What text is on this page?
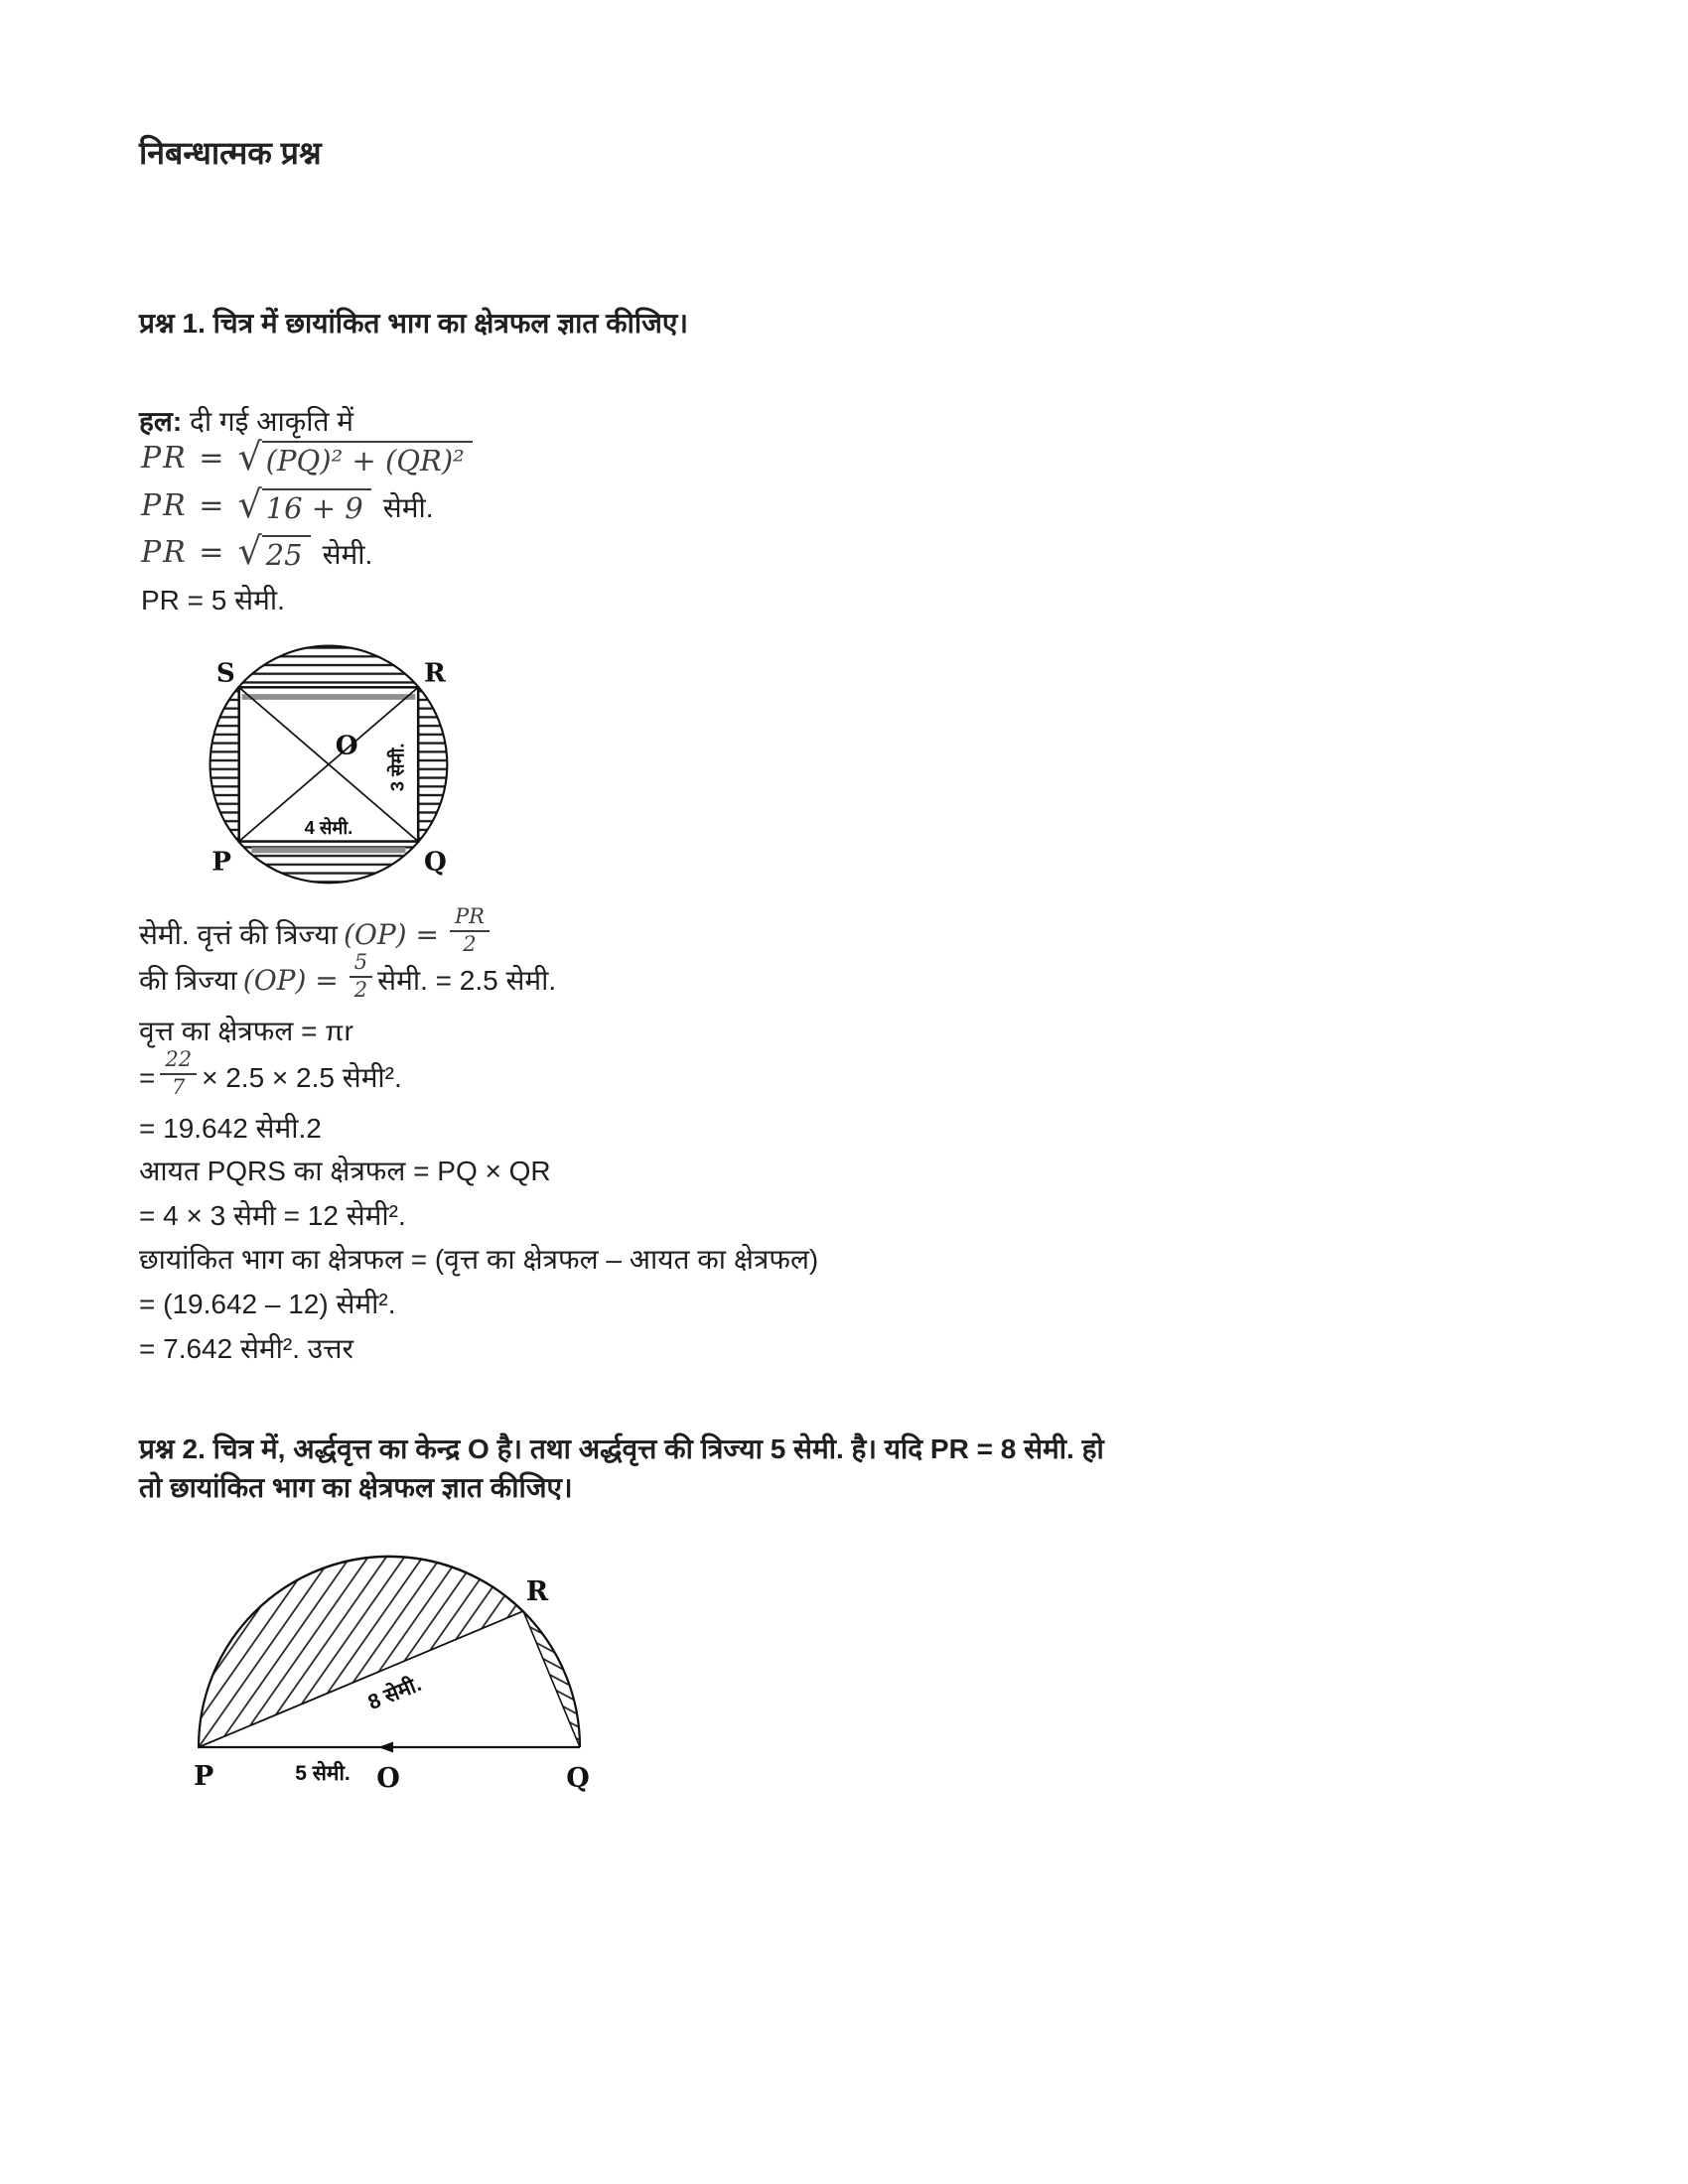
निबन्धात्मक प्रश्न
प्रश्न 1. चित्र में छायांकित भाग का क्षेत्रफल ज्ञात कीजिए।
हल: दी गई आकृति में
PR = √ (PQ)² + (QR)²
PR = √ 16 + 9 सेमी.
PR = √ 25 सेमी.
PR = 5 सेमी.
S	R
O
P	Q
4 सेमी.
3 सेमी.
सेमी. वृत्तं की त्रिज्या $(OP) = \frac{PR}{2}$
की त्रिज्या $(OP) = \frac{5}{2}$ सेमी. = 2.5 सेमी.
वृत्त का क्षेत्रफल = πr
= $\frac{22}{7} \times 2.5 \times 2.5$ सेमी².
= 19.642 सेमी.2
आयत PQRS का क्षेत्रफल = PQ × QR
= 4 × 3 सेमी = 12 सेमी².
छायांकित भाग का क्षेत्रफल = (वृत्त का क्षेत्रफल – आयत का क्षेत्रफल)
= (19.642 – 12) सेमी².
= 7.642 सेमी². उत्तर
प्रश्न 2. चित्र में, अर्द्धवृत्त का केन्द्र O है। तथा अर्द्धवृत्त की त्रिज्या 5 सेमी. है। यदि PR = 8 सेमी. हो
तो छायांकित भाग का क्षेत्रफल ज्ञात कीजिए।
P	5 सेमी. O	Q
R
8 सेमी.
